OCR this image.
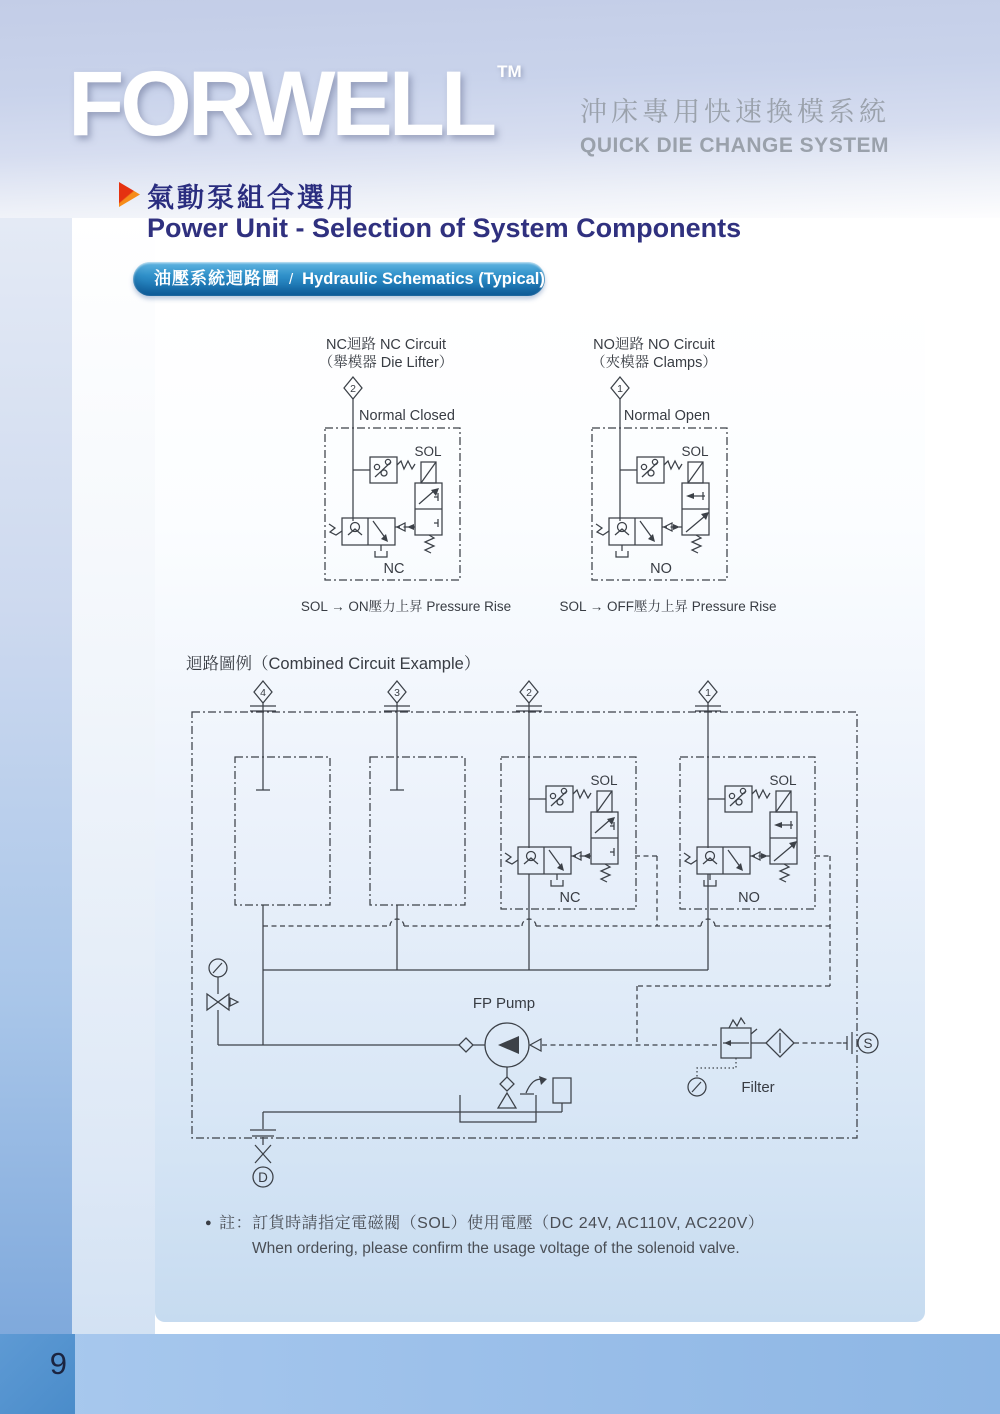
FORWELL TM
沖床專用快速換模系統
QUICK DIE CHANGE SYSTEM
氣動泵組合選用
Power Unit - Selection of System Components
油壓系統迴路圖 / Hydraulic Schematics (Typical)
NC迴路 NC Circuit
（舉模器 Die Lifter）
2
Normal Closed
SOL → ON壓力上昇 Pressure Rise
NO迴路 NO Circuit
（夾模器 Clamps）
1
Normal Open
SOL → OFF壓力上昇 Pressure Rise
迴路圖例（Combined Circuit Example）
4	3	2	1
FP Pump
D
Filter
S
● 註：訂貨時請指定電磁閥（SOL）使用電壓（DC 24V, AC110V, AC220V）
When ordering, please confirm the usage voltage of the solenoid valve.
9
